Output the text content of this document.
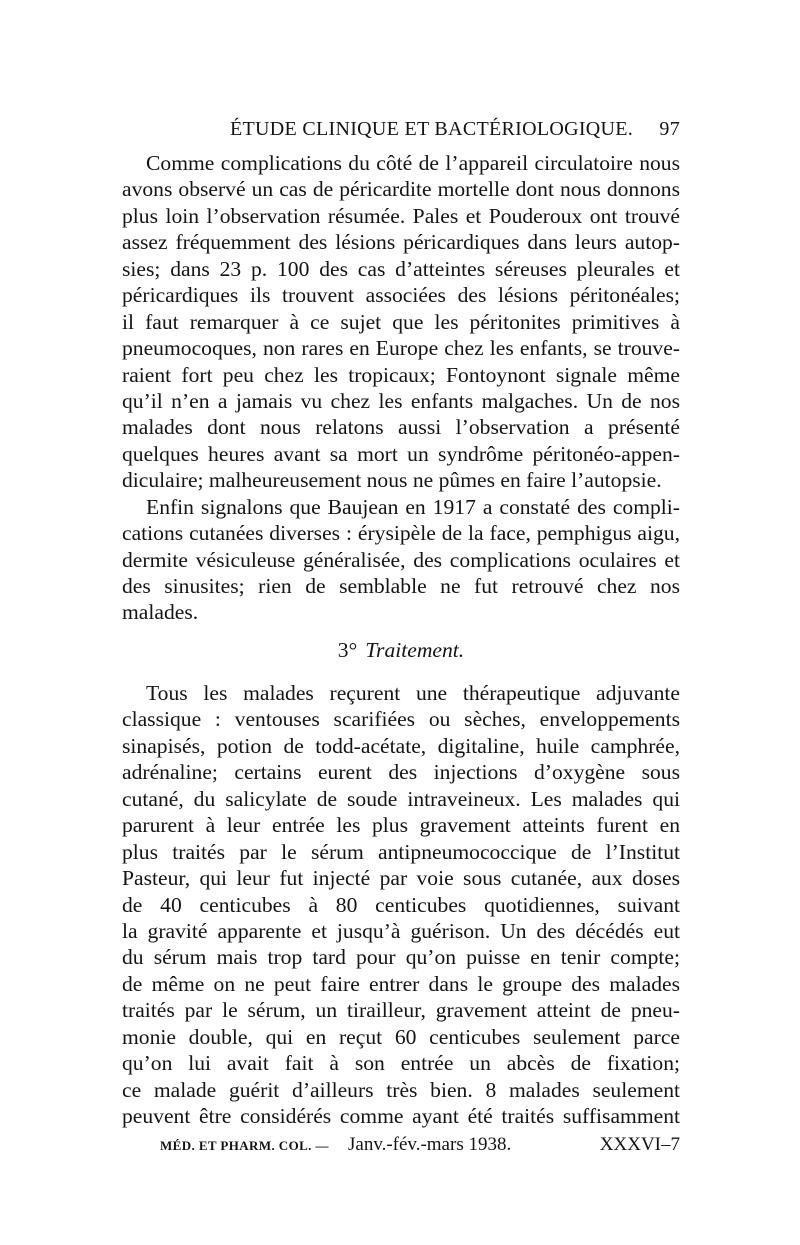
ÉTUDE CLINIQUE ET BACTÉRIOLOGIQUE. 97
Comme complications du côté de l’appareil circulatoire nous
avons observé un cas de péricardite mortelle dont nous donnons
plus loin l’observation résumée. Pales et Pouderoux ont trouvé
assez fréquemment des lésions péricardiques dans leurs autop-
sies; dans 23 p. 100 des cas d’atteintes séreuses pleurales et
péricardiques ils trouvent associées des lésions péritonéales;
il faut remarquer à ce sujet que les péritonites primitives à
pneumocoques, non rares en Europe chez les enfants, se trouve-
raient fort peu chez les tropicaux; Fontoynont signale même
qu’il n’en a jamais vu chez les enfants malgaches. Un de nos
malades dont nous relatons aussi l’observation a présenté
quelques heures avant sa mort un syndrôme péritonéo-appen-
diculaire; malheureusement nous ne pûmes en faire l’autopsie.
Enfin signalons que Baujean en 1917 a constaté des compli-
cations cutanées diverses : érysipèle de la face, pemphigus aigu,
dermite vésiculeuse généralisée, des complications oculaires et
des sinusites; rien de semblable ne fut retrouvé chez nos
malades.
3° Traitement.
Tous les malades reçurent une thérapeutique adjuvante
classique : ventouses scarifiées ou sèches, enveloppements
sinapisés, potion de todd-acétate, digitaline, huile camphrée,
adrénaline; certains eurent des injections d’oxygène sous
cutané, du salicylate de soude intraveineux. Les malades qui
parurent à leur entrée les plus gravement atteints furent en
plus traités par le sérum antipneumococcique de l’Institut
Pasteur, qui leur fut injecté par voie sous cutanée, aux doses
de 40 centicubes à 80 centicubes quotidiennes, suivant
la gravité apparente et jusqu’à guérison. Un des décédés eut
du sérum mais trop tard pour qu’on puisse en tenir compte;
de même on ne peut faire entrer dans le groupe des malades
traités par le sérum, un tirailleur, gravement atteint de pneu-
monie double, qui en reçut 60 centicubes seulement parce
qu’on lui avait fait à son entrée un abcès de fixation;
ce malade guérit d’ailleurs très bien. 8 malades seulement
peuvent être considérés comme ayant été traités suffisamment
MÉD. ET PHARM. COL. — Janv.-fév.-mars 1938.	XXXVI–7
